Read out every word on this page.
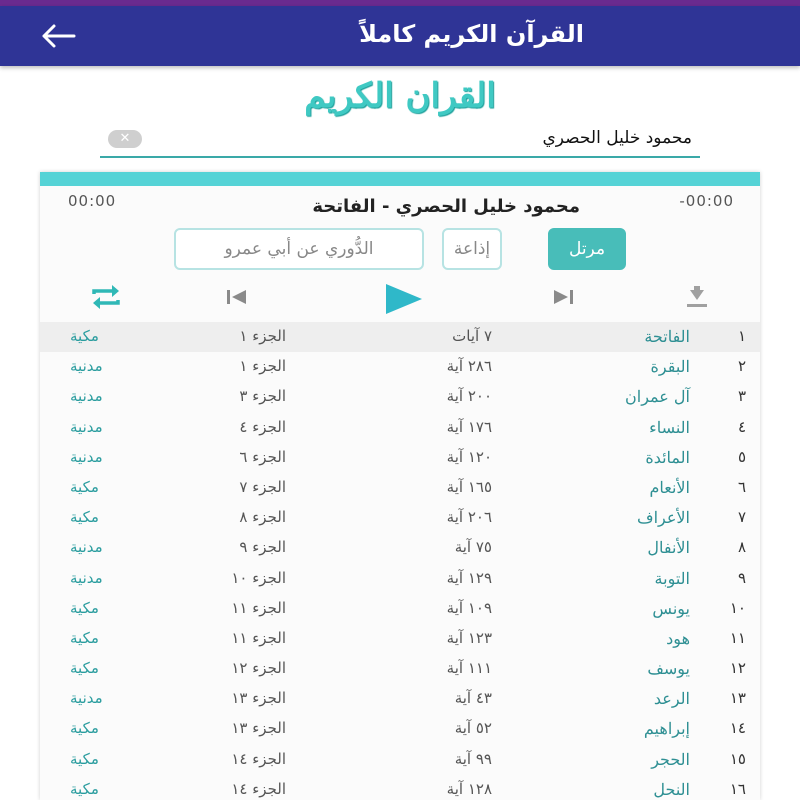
القرآن الكريم كاملاً
القران الكريم
محمود خليل الحصري
✕
00:00	محمود خليل الحصري - الفاتحة	-00:00
مرتل
إذاعة
الدُّوري عن أبي عمرو
١
الفاتحة
٧ آيات
الجزء ١
مكية
٢
البقرة
٢٨٦ آية
الجزء ١
مدنية
٣
آل عمران
٢٠٠ آية
الجزء ٣
مدنية
٤
النساء
١٧٦ آية
الجزء ٤
مدنية
٥
المائدة
١٢٠ آية
الجزء ٦
مدنية
٦
الأنعام
١٦٥ آية
الجزء ٧
مكية
٧
الأعراف
٢٠٦ آية
الجزء ٨
مكية
٨
الأنفال
٧٥ آية
الجزء ٩
مدنية
٩
التوبة
١٢٩ آية
الجزء ١٠
مدنية
١٠
يونس
١٠٩ آية
الجزء ١١
مكية
١١
هود
١٢٣ آية
الجزء ١١
مكية
١٢
يوسف
١١١ آية
الجزء ١٢
مكية
١٣
الرعد
٤٣ آية
الجزء ١٣
مدنية
١٤
إبراهيم
٥٢ آية
الجزء ١٣
مكية
١٥
الحجر
٩٩ آية
الجزء ١٤
مكية
١٦
النحل
١٢٨ آية
الجزء ١٤
مكية
